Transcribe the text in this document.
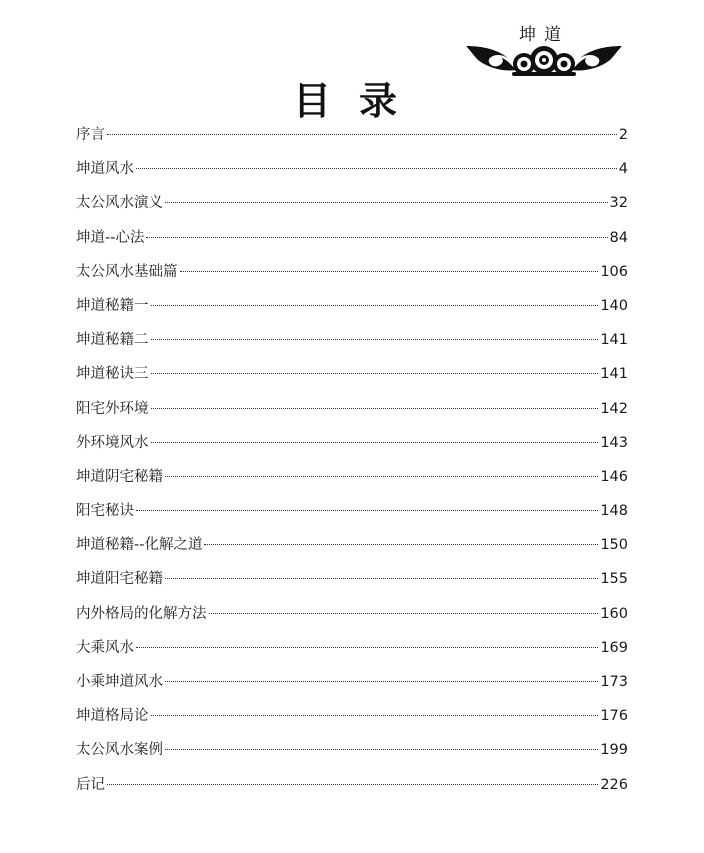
坤道
目录
序言	2
坤道风水	4
太公风水演义	32
坤道--心法	84
太公风水基础篇	106
坤道秘籍一	140
坤道秘籍二	141
坤道秘诀三	141
阳宅外环境	142
外环境风水	143
坤道阴宅秘籍	146
阳宅秘诀	148
坤道秘籍--化解之道	150
坤道阳宅秘籍	155
内外格局的化解方法	160
大乘风水	169
小乘坤道风水	173
坤道格局论	176
太公风水案例	199
后记	226
